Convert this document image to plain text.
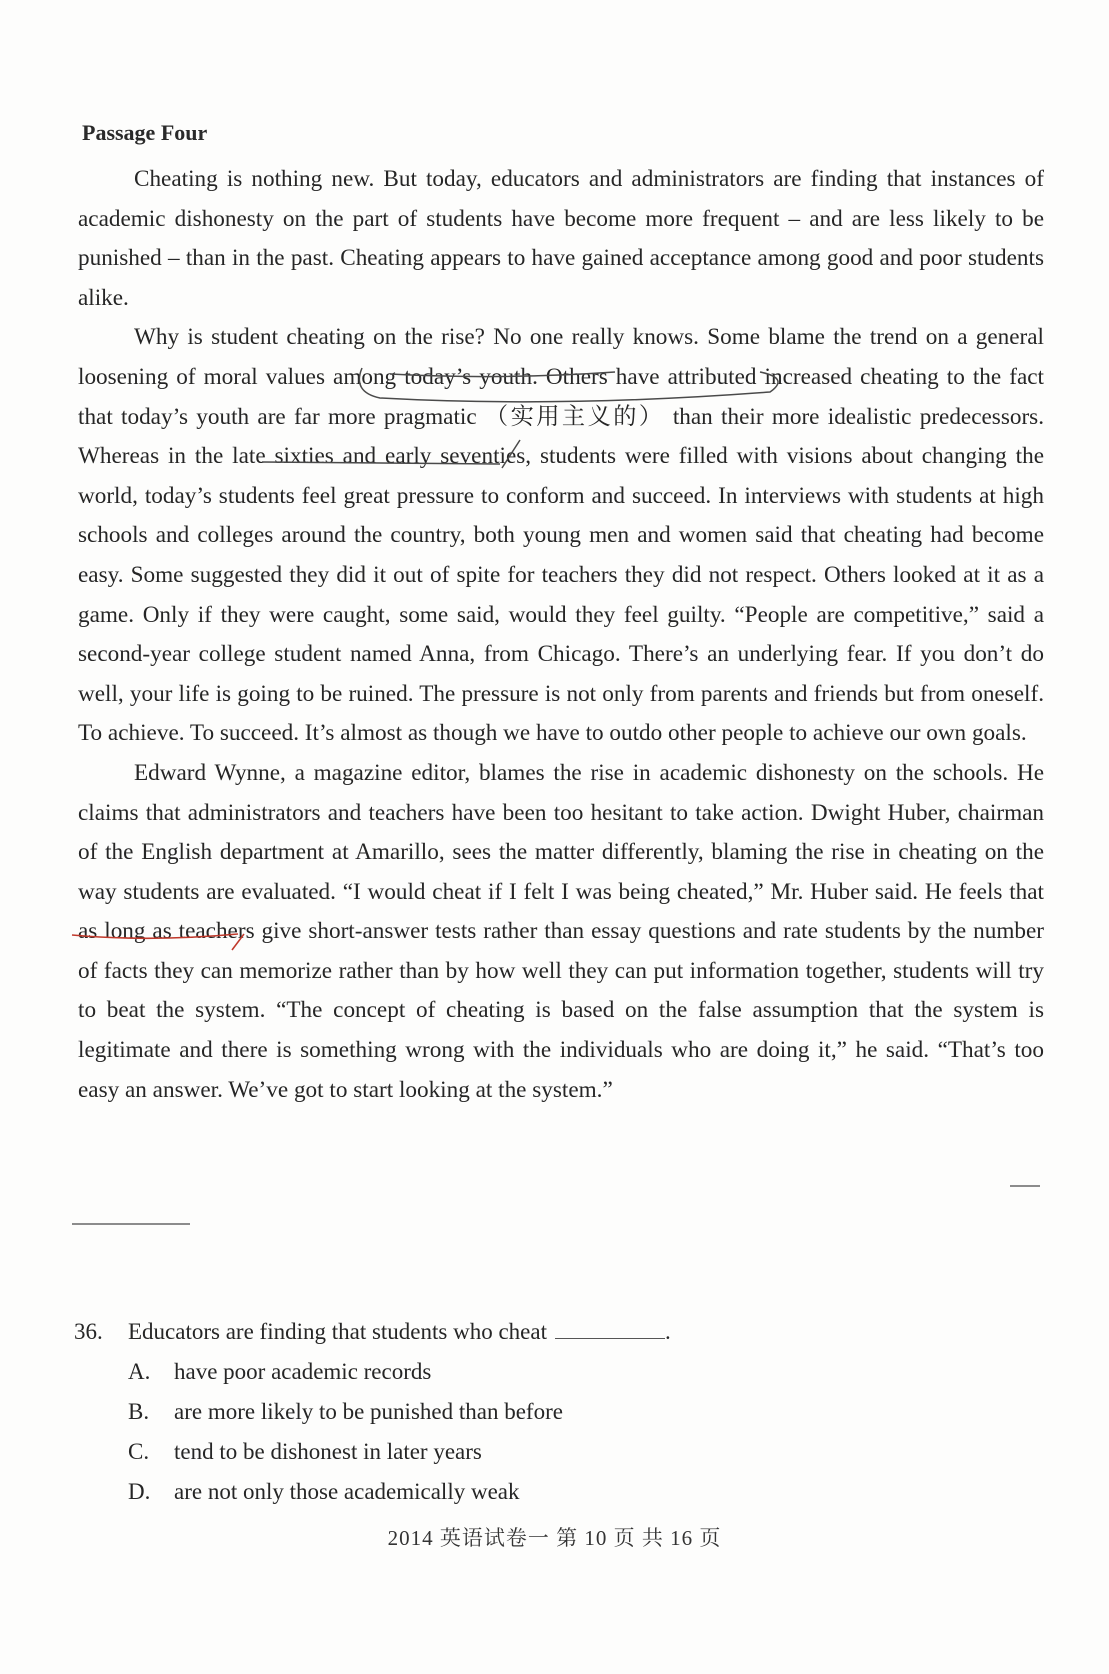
Passage Four

Cheating is nothing new. But today, educators and administrators are finding that instances of academic dishonesty on the part of students have become more frequent – and are less likely to be punished – than in the past. Cheating appears to have gained acceptance among good and poor students alike.

Why is student cheating on the rise? No one really knows. Some blame the trend on a general loosening of moral values among today’s youth. Others have attributed increased cheating to the fact that today’s youth are far more pragmatic （实用主义的） than their more idealistic predecessors. Whereas in the late sixties and early seventies, students were filled with visions about changing the world, today’s students feel great pressure to conform and succeed. In interviews with students at high schools and colleges around the country, both young men and women said that cheating had become easy. Some suggested they did it out of spite for teachers they did not respect. Others looked at it as a game. Only if they were caught, some said, would they feel guilty. “People are competitive,” said a second-year college student named Anna, from Chicago. There’s an underlying fear. If you don’t do well, your life is going to be ruined. The pressure is not only from parents and friends but from oneself. To achieve. To succeed. It’s almost as though we have to outdo other people to achieve our own goals.

Edward Wynne, a magazine editor, blames the rise in academic dishonesty on the schools. He claims that administrators and teachers have been too hesitant to take action. Dwight Huber, chairman of the English department at Amarillo, sees the matter differently, blaming the rise in cheating on the way students are evaluated. “I would cheat if I felt I was being cheated,” Mr. Huber said. He feels that as long as teachers give short-answer tests rather than essay questions and rate students by the number of facts they can memorize rather than by how well they can put information together, students will try to beat the system. “The concept of cheating is based on the false assumption that the system is legitimate and there is something wrong with the individuals who are doing it,” he said. “That’s too easy an answer. We’ve got to start looking at the system.”

36.	Educators are finding that students who cheat	.
A.	have poor academic records
B.	are more likely to be punished than before
C.	tend to be dishonest in later years
D.	are not only those academically weak
2014 英语试卷一 第 10 页 共 16 页
